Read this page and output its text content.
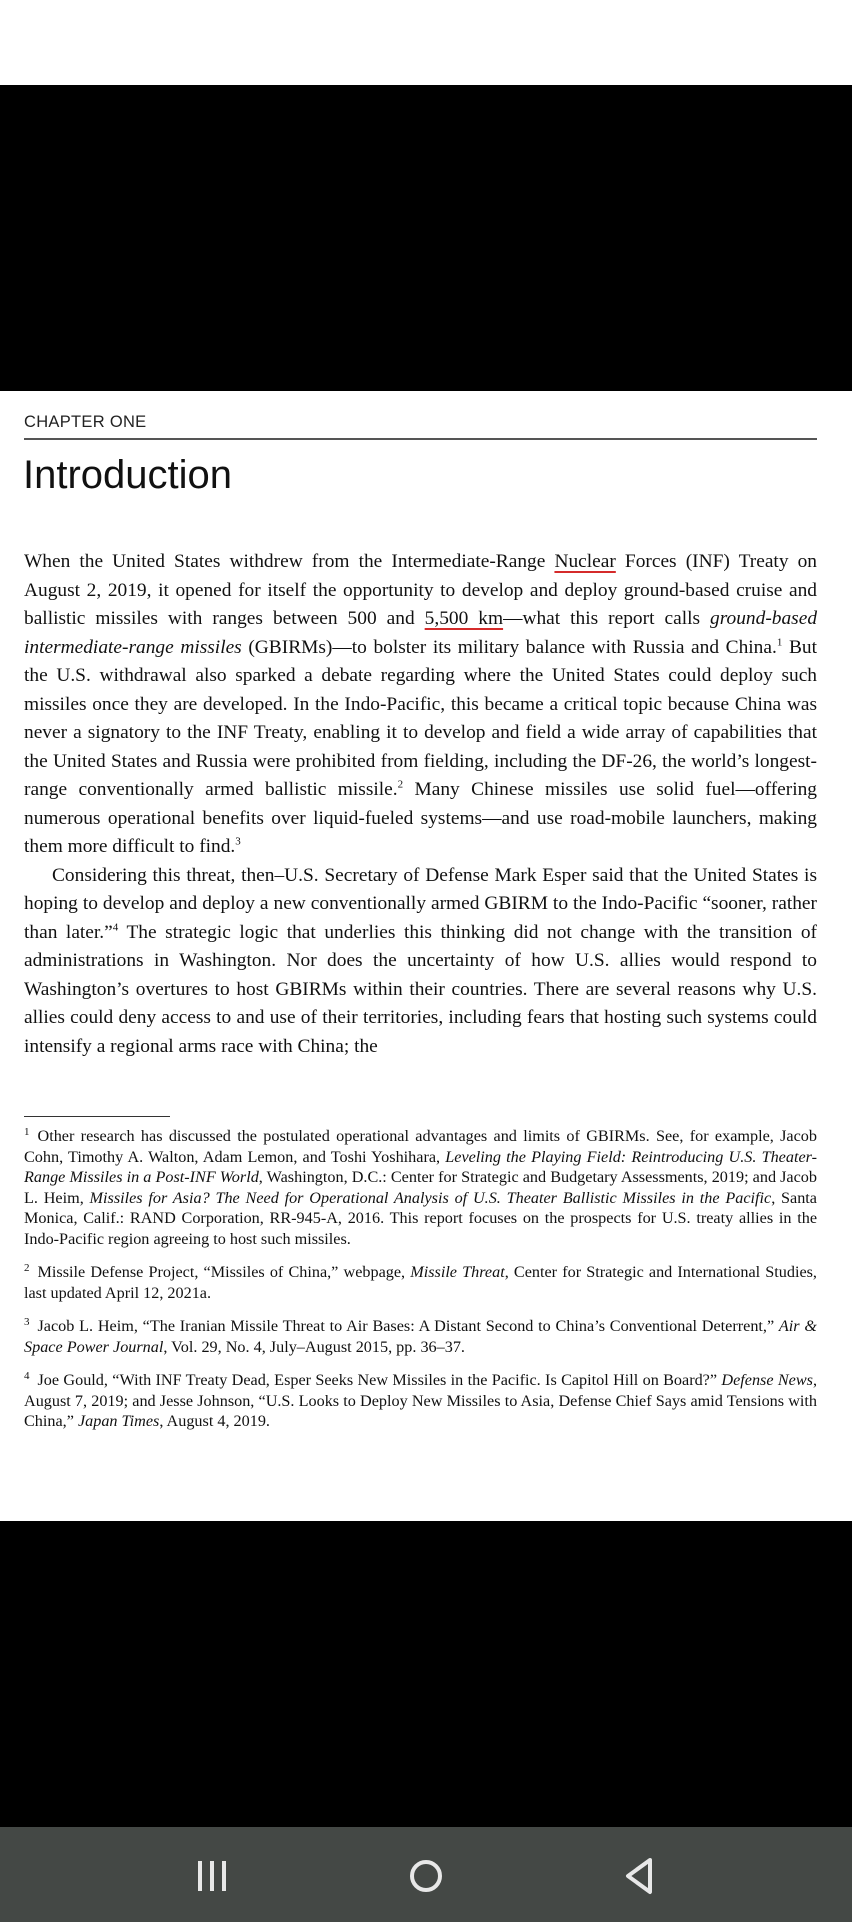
CHAPTER ONE
Introduction

When the United States withdrew from the Intermediate-Range Nuclear Forces (INF) Treaty on August 2, 2019, it opened for itself the opportunity to develop and deploy ground-based cruise and ballistic missiles with ranges between 500 and 5,500 km—what this report calls ground-based intermediate-range missiles (GBIRMs)—to bolster its military balance with Russia and China.$^1$ But the U.S. withdrawal also sparked a debate regarding where the United States could deploy such missiles once they are developed. In the Indo-Pacific, this became a critical topic because China was never a signatory to the INF Treaty, enabling it to develop and field a wide array of capabilities that the United States and Russia were prohibited from fielding, including the DF-26, the world’s longest-range conventionally armed ballistic missile.$^2$ Many Chinese missiles use solid fuel—offering numerous operational benefits over liquid-fueled systems—and use road-mobile launchers, making them more difficult to find.$^3$

Considering this threat, then–U.S. Secretary of Defense Mark Esper said that the United States is hoping to develop and deploy a new conventionally armed GBIRM to the Indo-Pacific “sooner, rather than later.”$^4$ The strategic logic that underlies this thinking did not change with the transition of administrations in Washington. Nor does the uncertainty of how U.S. allies would respond to Washington’s overtures to host GBIRMs within their countries. There are several reasons why U.S. allies could deny access to and use of their territories, including fears that hosting such systems could intensify a regional arms race with China; the

$^1$ Other research has discussed the postulated operational advantages and limits of GBIRMs. See, for example, Jacob Cohn, Timothy A. Walton, Adam Lemon, and Toshi Yoshihara, Leveling the Playing Field: Reintroducing U.S. Theater-Range Missiles in a Post-INF World, Washington, D.C.: Center for Strategic and Budgetary Assessments, 2019; and Jacob L. Heim, Missiles for Asia? The Need for Operational Analysis of U.S. Theater Ballistic Missiles in the Pacific, Santa Monica, Calif.: RAND Corporation, RR-945-A, 2016. This report focuses on the prospects for U.S. treaty allies in the Indo-Pacific region agreeing to host such missiles.

$^2$ Missile Defense Project, “Missiles of China,” webpage, Missile Threat, Center for Strategic and International Studies, last updated April 12, 2021a.

$^3$ Jacob L. Heim, “The Iranian Missile Threat to Air Bases: A Distant Second to China’s Conventional Deterrent,” Air & Space Power Journal, Vol. 29, No. 4, July–August 2015, pp. 36–37.

$^4$ Joe Gould, “With INF Treaty Dead, Esper Seeks New Missiles in the Pacific. Is Capitol Hill on Board?” Defense News, August 7, 2019; and Jesse Johnson, “U.S. Looks to Deploy New Missiles to Asia, Defense Chief Says amid Tensions with China,” Japan Times, August 4, 2019.
